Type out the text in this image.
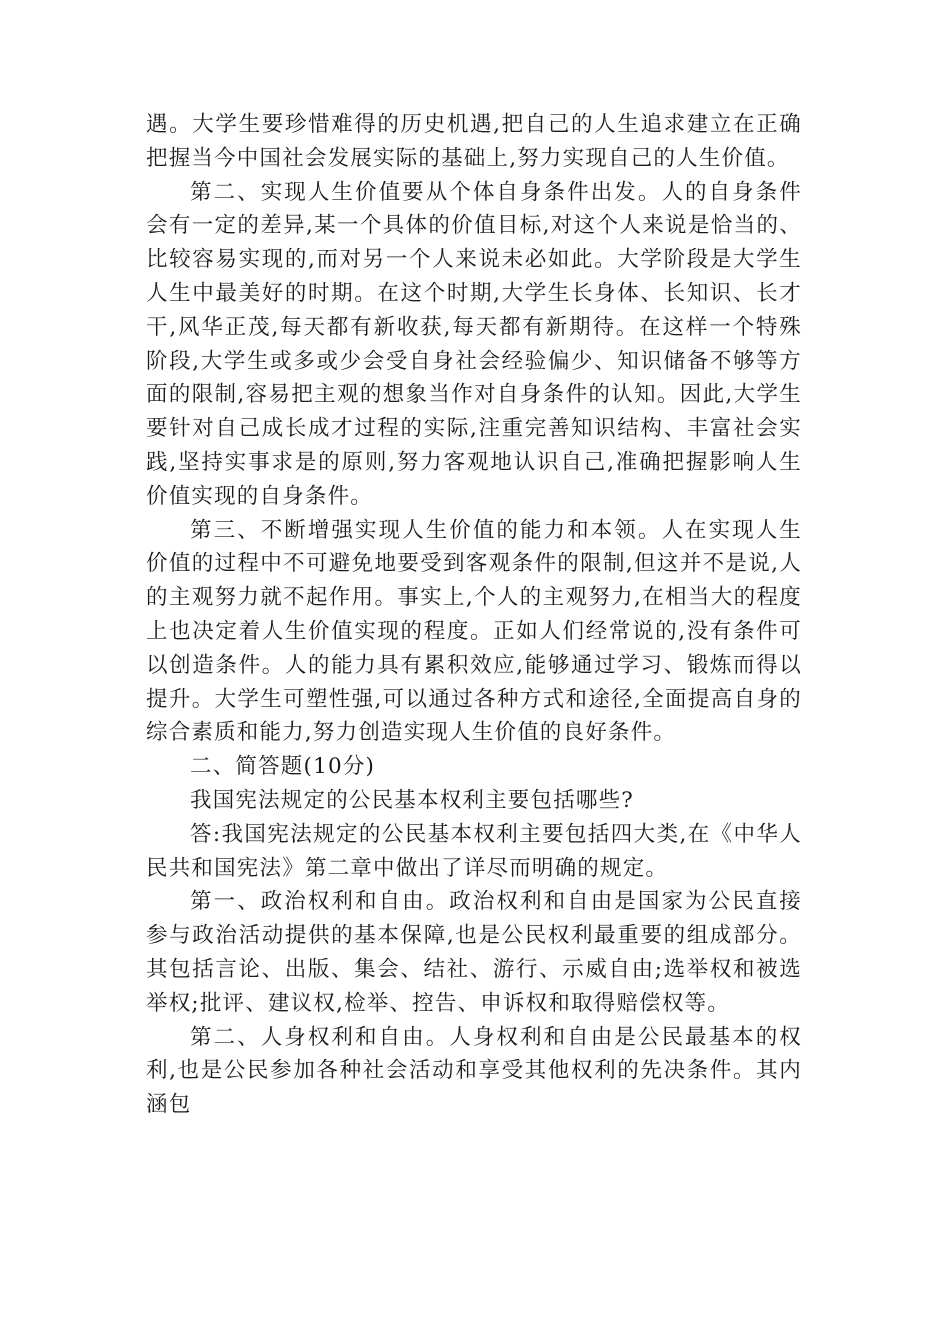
遇。大学生要珍惜难得的历史机遇,把自己的人生追求建立在正确把握当今中国社会发展实际的基础上,努力实现自己的人生价值。

第二、实现人生价值要从个体自身条件出发。人的自身条件会有一定的差异,某一个具体的价值目标,对这个人来说是恰当的、比较容易实现的,而对另一个人来说未必如此。大学阶段是大学生人生中最美好的时期。在这个时期,大学生长身体、长知识、长才干,风华正茂,每天都有新收获,每天都有新期待。在这样一个特殊阶段,大学生或多或少会受自身社会经验偏少、知识储备不够等方面的限制,容易把主观的想象当作对自身条件的认知。因此,大学生要针对自己成长成才过程的实际,注重完善知识结构、丰富社会实践,坚持实事求是的原则,努力客观地认识自己,准确把握影响人生价值实现的自身条件。

第三、不断增强实现人生价值的能力和本领。人在实现人生价值的过程中不可避免地要受到客观条件的限制,但这并不是说,人的主观努力就不起作用。事实上,个人的主观努力,在相当大的程度上也决定着人生价值实现的程度。正如人们经常说的,没有条件可以创造条件。人的能力具有累积效应,能够通过学习、锻炼而得以提升。大学生可塑性强,可以通过各种方式和途径,全面提高自身的综合素质和能力,努力创造实现人生价值的良好条件。

二、简答题(10分)

我国宪法规定的公民基本权利主要包括哪些?

答:我国宪法规定的公民基本权利主要包括四大类,在《中华人民共和国宪法》第二章中做出了详尽而明确的规定。

第一、政治权利和自由。政治权利和自由是国家为公民直接参与政治活动提供的基本保障,也是公民权利最重要的组成部分。其包括言论、出版、集会、结社、游行、示威自由;选举权和被选举权;批评、建议权,检举、控告、申诉权和取得赔偿权等。

第二、人身权利和自由。人身权利和自由是公民最基本的权利,也是公民参加各种社会活动和享受其他权利的先决条件。其内涵包
